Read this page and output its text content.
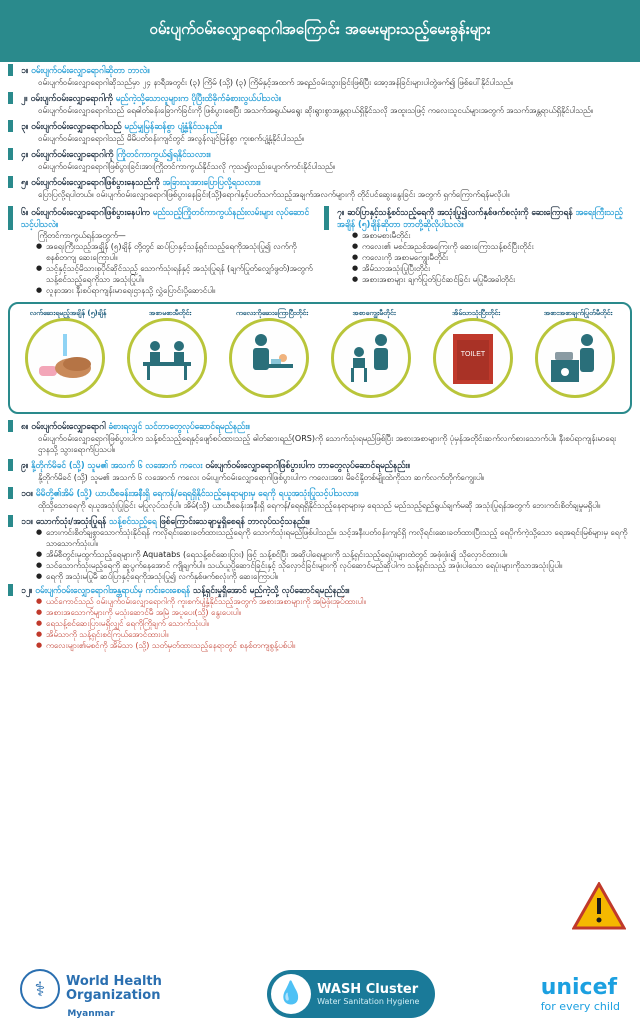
ဝမ်းပျက်ဝမ်းလျှောရောဂါအကြောင်း အမေးများသည့်မေးခွန်းများ
၁။ ဝမ်းပျက်ဝမ်းလျှောရောဂါဆိုတာ ဘာလဲ။
ဝမ်းပျက်ဝမ်းလျှောရောဂါဆိုသည်မှာ ၂၄ နာရီအတွင်း (၃) ကြိမ် (သို့) (၃) ကြိမ်နှင့်အထက် အရည်ဝမ်းသွားခြင်းဖြစ်ပြီး အော့အန်ခြင်းများပါတွဲဖက်၍ ဖြစ်ပေါ်နိုင်ပါသည်။
၂။ ဝမ်းပျက်ဝမ်းလျှောရောဂါကို မည်ကဲ့သို့သောလူများက ပိုပြီးထိခိုက်ခံစားလွယ်ပါသလဲ။
ဝမ်းပျက်ဝမ်းလျှောရောဂါသည် ရေဓါတ်ခန်းခြောက်ခြင်းကို ဖြစ်ပွားစေပြီး အသက်အရွယ်မရွေး ဆိုးရွားစွာအန္တရာယ်ရှိနိုင်သလို အထူးသဖြင့် ကလေးသူငယ်များအတွက် အသက်အန္တရာယ်ရှိနိုင်ပါသည်။
၃။ ဝမ်းပျက်ဝမ်းလျှောရောဂါသည် မည်မျှမြန်ဆန်စွာ ပျံ့နှံ့နိုင်သနည်း။
ဝမ်းပျက်ဝမ်းလျှောရောဂါသည် မိမိပတ်ဝန်းကျင်တွင် အလွန်လျင်မြန်စွာ ကူးစက်ပျံ့နှံ့နိုင်ပါသည်။
၄။ ဝမ်းပျက်ဝမ်းလျှောရောဂါကို ကြိုတင်ကာကွယ်၍ရနိုင်သလား။
ဝမ်းပျက်ဝမ်းလျှောရောဂါဖြစ်ပွားခြင်းအားကြိုတင်ကာကွယ်နိုင်သလို ကုသ၍လည်းပျောက်ကင်းနိုင်ပါသည်။
၅။ ဝမ်းပျက်ဝမ်းလျှောရောဂါဖြစ်ပွားနေသည်ကို အခြားသူအားပြောပြလို့ရသလား။
ပြောပြလို့ရပါတယ်။ ဝမ်းပျက်ဝမ်းလျှောရောဂါဖြစ်ပွားနေခြင်း(သို့)ရောဂါနှင့်ပတ်သက်သည့်အချက်အလက်များကို တိုင်ပင်ဆွေးနွေးခြင်း အတွက် ရှက်ကြောက်ရန်မလိုပါ။
၆။ ဝမ်းပျက်ဝမ်းလျှောရောဂါဖြစ်ပွားနေပါက မည်သည့်ကြိုတင်ကာကွယ်နည်းလမ်းများ လုပ်ဆောင်သင့်ပါသလဲ။
ကြိုတင်ကာကွယ်ရန်အတွက်—
● အရေးကြီးသည့်အချိန် (၅)ချိန် တို့တွင် ဆပ်ပြာနှင့်သန့်ရှင်းသည့်ရေကိုအသုံးပြု၍ လက်ကိုစနစ်တကျ ဆေးကြောပါ။
● သင့်နှင့်သင့်မိသားစုပိုင်ဆိုင်သည့် သောက်သုံးရန်နှင့် အသုံးပြုရန် (ချက်ပြုတ်လျှော်ဖွတ်)အတွက် သန့်စင်သည့်ရေကိုသာ အသုံးပြုပါ။
● လူနာအား နီးစပ်ရာကျန်းမာရေးဌာနသို့ လွှဲပြောင်းပို့ဆောင်ပါ။
၇။ ဆပ်ပြာနှင့်သန့်စင်သည့်ရေကို အသုံးပြု၍လက်နှစ်ဖက်စလုံးကို ဆေးကြောရန် အရေးကြီးသည့်အချိန် (၅)ချိန်ဆိုတာ ဘာတို့ဆိုလိုပါသလဲ။
● အစာမစားမီတိုင်း
● ကလေး၏ မစင်အညစ်အကြေးကို ဆေးကြောသန့်စင်ပြီးတိုင်း
● ကလေးကို အစာမကျွေးမီတိုင်း
● အိမ်သာအသုံးပြုပြီးတိုင်း
● အစားအစာများ ချက်ပြုတ်ပြင်ဆင်ခြင်း မပြုမီအခါတိုင်း
လက်ဆေးရမည့်အချိန် (၅)ချိန်	အစာမစားမီတိုင်း	ကလေးကိုဆေးကြောပြီးတိုင်း	အစာကျွေးမီတိုင်း	အိမ်သာသုံးပြီးတိုင်း
TOILET
အစားအစာချက်ပြုတ်မီတိုင်း
၈။ ဝမ်းပျက်ဝမ်းလျှောရောဂါ ခံစားရလျှင် သင်ဘာတွေလုပ်ဆောင်ရမည်နည်း။
ဝမ်းပျက်ဝမ်းလျှောရောဂါဖြစ်ပွားပါက သန့်စင်သည့်ရေနှင့်ဖျော်စပ်ထားသည့် ဓါတ်ဆားရည်(ORS)ကို သောက်သုံးရမည်ဖြစ်ပြီး အစားအစာများကို ပုံမှန်အတိုင်းဆက်လက်စားသောက်ပါ။ နီးစပ်ရာကျန်းမာရေးဌာနသို့ သွားရောက်ပြသပါ။
၉။ နို့တိုက်မိခင် (သို့) သူမ၏ အသက် ၆ လအောက် ကလေး ဝမ်းပျက်ဝမ်းလျှောရောဂါဖြစ်ပွားပါက ဘာတွေလုပ်ဆောင်ရမည်နည်း။
နို့တိုက်မိခင် (သို့) သူမ၏ အသက် ၆ လအောက် ကလေး ဝမ်းပျက်ဝမ်းလျှောရောဂါဖြစ်ပွားပါက ကလေးအား မိခင်နို့တစ်မျိုးထဲကိုသာ ဆက်လက်တိုက်ကျွေးပါ။
၁၀။ မိမိတို့၏အိမ် (သို့) ယာယီစခန်းအနီးရှိ ရေကန်/ရေရရှိနိုင်သည့်နေရာများမှ ရေကို ရယူအသုံးပြုသင့်ပါသလား။
ထိုသို့သောရေကို ရယူအသုံးပြုခြင်း မပြုလုပ်သင့်ပါ။ အိမ်(သို့) ယာယီစခန်းအနီးရှိ ရေကန်/ရေရရှိနိုင်သည့်နေရာများမှ ရေသည် မည်သည့်ရည်ရွယ်ချက်မဆို အသုံးပြုရန်အတွက် ဘေးကင်းစိတ်ချမှုမရှိပါ။
၁၁။ သောက်သုံး/အသုံးပြုရန် သန့်စင်သည့်ရေ ဖြစ်ကြောင်းသေချာမှုရှိစေရန် ဘာလုပ်သင့်သနည်း။
● ဘေးကင်းစိတ်ချစွာသောက်သုံးနိုင်ရန် ကလိုရင်းဆေးခတ်ထားသည့်ရေကို သောက်သုံးရမည်ဖြစ်ပါသည်။ သင့်အနီးပတ်ဝန်းကျင်ရှိ ကလိုရင်းဆေးခတ်ထားပြီးသည့် ရေပိုက်ကဲ့သို့သော ရေအရင်းမြစ်များမှ ရေကိုသာသောက်သုံးပါ။
● အိမ်စီတွင်းမှထွက်သည့်ရေများကို Aquatabs (ရေသန့်စင်ဆေးပြား) ဖြင့် သန့်စင်ပြီး အဆိုပါရေများကို သန့်ရှင်းသည့်ရေပုံးများထဲတွင် အဖုံးဖုံး၍ သိုလှောင်ထားပါ။
● သင်သောက်သုံးမည့်ရေကို ဆူပွက်နေအောင် ကျိုချက်ပါ။ သယ်ယူပို့ဆောင်ခြင်းနှင့် သိုလှောင်ခြင်းများကို လုပ်ဆောင်မည်ဆိုပါက သန့်ရှင်းသည့် အဖုံးပါသော ရေပုံးများကိုသာအသုံးပြုပါ။
● ရေကို အသုံးမပြုမီ ဆပ်ပြာနှင့်ရေကိုအသုံးပြု၍ လက်နှစ်ဖက်စလုံးကို ဆေးကြောပါ။
၁၂။ ဝမ်းပျက်ဝမ်းလျှောရောဂါအန္တရာယ်မှ ကင်းဝေးစေရန် သန့်ရှင်းမှုရှိအောင် မည်ကဲ့သို့ လုပ်ဆောင်ရမည်နည်း။
● ယင်ကောင်သည် ဝမ်းပျက်ဝမ်းလျှောရောဂါကို ကူးစက်ပျံ့နှံ့နိုင်သည့်အတွက် အစားအစာများကို အမြဲဖုံးအုပ်ထားပါ။
● အစားအသောက်များကို မသုံးဆောင်မီ အမြဲ အပူပေး(သို့) နွေးပေးပါ။
● ရေသန့်စင်ဆေးပြားမရှိလျှင် ရေကိုကြိုချက် သောက်သုံးပါ။
● အိမ်သာကို သန့်ရှင်းစင်ကြယ်အောင်ထားပါ။
● ကလေးများ၏မစင်ကို အိမ်သာ (သို့) သတ်မှတ်ထားသည့်နေရာတွင် စနစ်တကျစွန့်ပစ်ပါ။
⚕	World Health
Organization
Myanmar
💧 WASH Cluster
Water Sanitation Hygiene
unicef
for every child
